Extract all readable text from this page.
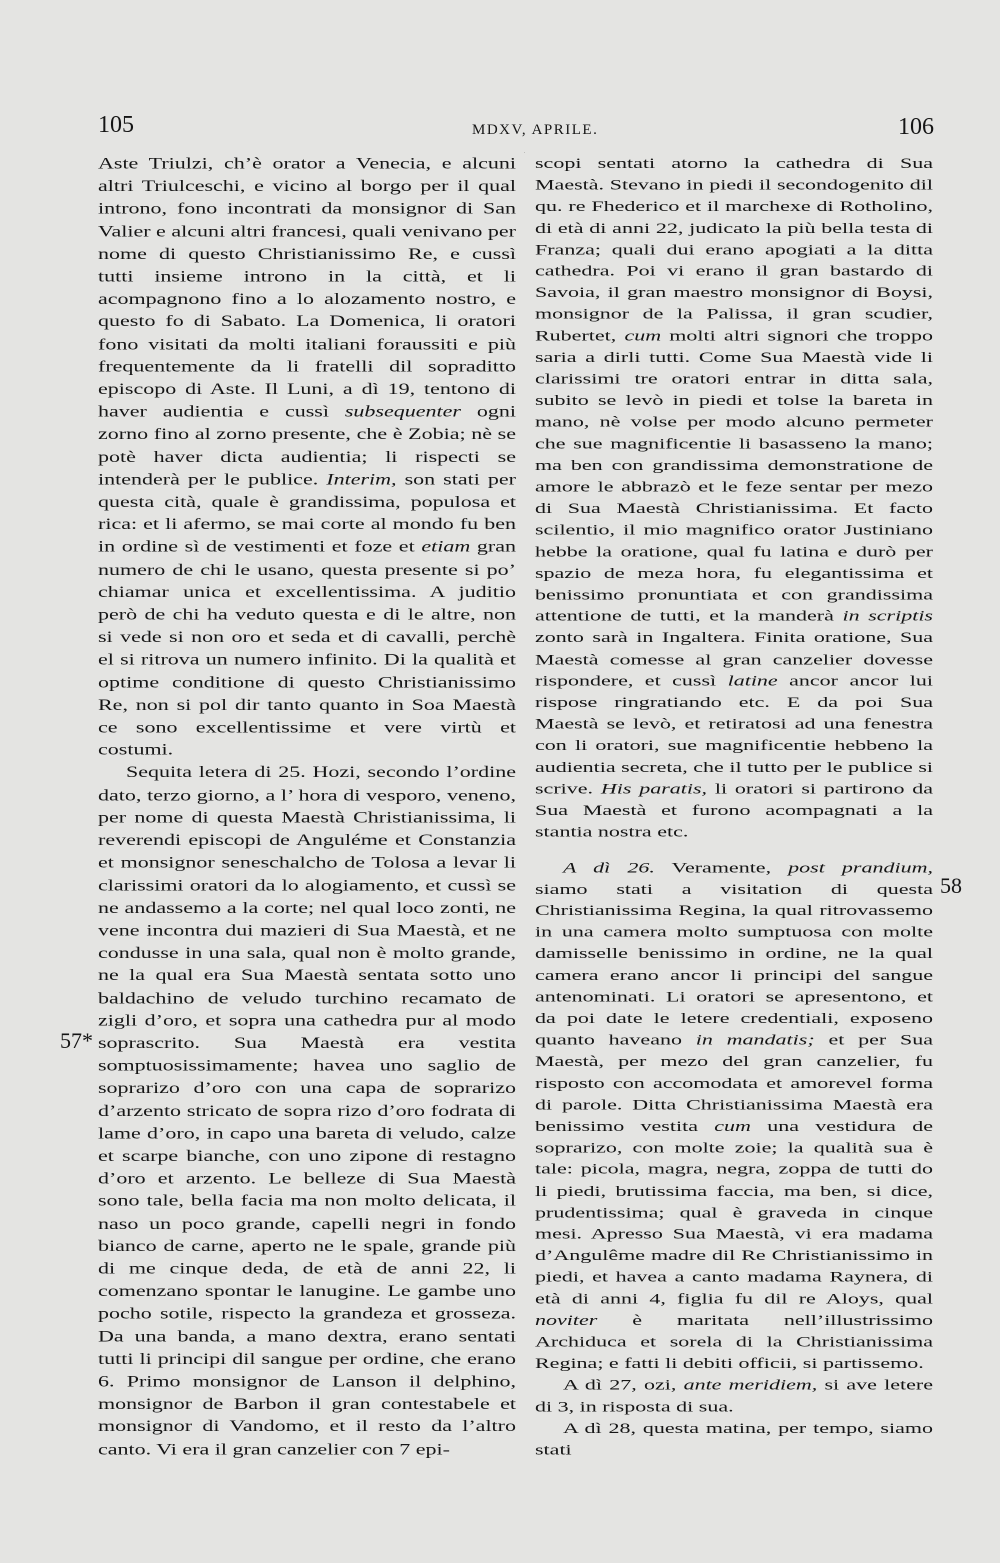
105	MDXV, APRILE.	106
57*
58

Aste Triulzi, ch’è orator a Venecia, e alcuni altri Triulceschi, e vicino al borgo per il qual introno, fono incontrati da monsignor di San Valier e alcuni altri francesi, quali venivano per nome di questo Christianissimo Re, e cussì tutti insieme introno in la città, et li acompagnono fino a lo alozamento nostro, e questo fo di Sabato. La Domenica, li oratori fono visitati da molti italiani foraussiti e più frequentemente da li fratelli dil sopraditto episcopo di Aste. Il Luni, a dì 19, tentono di haver audientia e cussì subsequenter ogni zorno fino al zorno presente, che è Zobia; nè se potè haver dicta audientia; li rispecti se intenderà per le publice. Interim, son stati per questa cità, quale è grandissima, populosa et rica: et li afermo, se mai corte al mondo fu ben in ordine sì de vestimenti et foze et etiam gran numero de chi le usano, questa presente si po’ chiamar unica et excellentissima. A juditio però de chi ha veduto questa e di le altre, non si vede si non oro et seda et di cavalli, perchè el si ritrova un numero infinito. Di la qualità et optime conditione di questo Christianissimo Re, non si pol dir tanto quanto in Soa Maestà ce sono excellentissime et vere virtù et costumi.

Sequita letera di 25. Hozi, secondo l’ordine dato, terzo giorno, a l’ hora di vesporo, veneno, per nome di questa Maestà Christianissima, li reverendi episcopi de Anguléme et Constanzia et monsignor seneschalcho de Tolosa a levar li clarissimi oratori da lo alogiamento, et cussì se ne andassemo a la corte; nel qual loco zonti, ne vene incontra dui mazieri di Sua Maestà, et ne condusse in una sala, qual non è molto grande, ne la qual era Sua Maestà sentata sotto uno baldachino de veludo turchino recamato de zigli d’oro, et sopra una cathedra pur al modo soprascrito. Sua Maestà era vestita somptuosissimamente; havea uno saglio de soprarizo d’oro con una capa de soprarizo d’arzento stricato de sopra rizo d’oro fodrata di lame d’oro, in capo una bareta di veludo, calze et scarpe bianche, con uno zipone di restagno d’oro et arzento. Le belleze di Sua Maestà sono tale, bella facia ma non molto delicata, il naso un poco grande, capelli negri in fondo bianco de carne, aperto ne le spale, grande più di me cinque deda, de età de anni 22, li comenzano spontar le lanugine. Le gambe uno pocho sotile, rispecto la grandeza et grosseza. Da una banda, a mano dextra, erano sentati tutti li principi dil sangue per ordine, che erano 6. Primo monsignor de Lanson il delphino, monsignor de Barbon il gran contestabele et monsignor di Vandomo, et il resto da l’altro canto. Vi era il gran canzelier con 7 epi-

scopi sentati atorno la cathedra di Sua Maestà. Stevano in piedi il secondogenito dil qu. re Fhederico et il marchexe di Rotholino, di età di anni 22, judicato la più bella testa di Franza; quali dui erano apogiati a la ditta cathedra. Poi vi erano il gran bastardo di Savoia, il gran maestro monsignor di Boysi, monsignor de la Palissa, il gran scudier, Rubertet, cum molti altri signori che troppo saria a dirli tutti. Come Sua Maestà vide li clarissimi tre oratori entrar in ditta sala, subito se levò in piedi et tolse la bareta in mano, nè volse per modo alcuno permeter che sue magnificentie li basasseno la mano; ma ben con grandissima demonstratione de amore le abbrazò et le feze sentar per mezo di Sua Maestà Christianissima. Et facto scilentio, il mio magnifico orator Justiniano hebbe la oratione, qual fu latina e durò per spazio de meza hora, fu elegantissima et benissimo pronuntiata et con grandissima attentione de tutti, et la manderà in scriptis zonto sarà in Ingaltera. Finita oratione, Sua Maestà comesse al gran canzelier dovesse rispondere, et cussì latine ancor ancor lui rispose ringratiando etc. E da poi Sua Maestà se levò, et retiratosi ad una fenestra con li oratori, sue magnificentie hebbeno la audientia secreta, che il tutto per le publice si scrive. His paratis, li oratori si partirono da Sua Maestà et furono acompagnati a la stantia nostra etc.

A dì 26. Veramente, post prandium, siamo stati a visitation di questa Christianissima Regina, la qual ritrovassemo in una camera molto sumptuosa con molte damisselle benissimo in ordine, ne la qual camera erano ancor li principi del sangue antenominati. Li oratori se apresentono, et da poi date le letere credentiali, exposeno quanto haveano in mandatis; et per Sua Maestà, per mezo del gran canzelier, fu risposto con accomodata et amorevel forma di parole. Ditta Christianissima Maestà era benissimo vestita cum una vestidura de soprarizo, con molte zoie; la qualità sua è tale: picola, magra, negra, zoppa de tutti do li piedi, brutissima faccia, ma ben, si dice, prudentissima; qual è graveda in cinque mesi. Apresso Sua Maestà, vi era madama d’Angulême madre dil Re Christianissimo in piedi, et havea a canto madama Raynera, di età di anni 4, figlia fu dil re Aloys, qual noviter è maritata nell’illustrissimo Archiduca et sorela di la Christianissima Regina; e fatti li debiti officii, si partissemo.

A dì 27, ozi, ante meridiem, si ave letere di 3, in risposta di sua.

A dì 28, questa matina, per tempo, siamo stati
